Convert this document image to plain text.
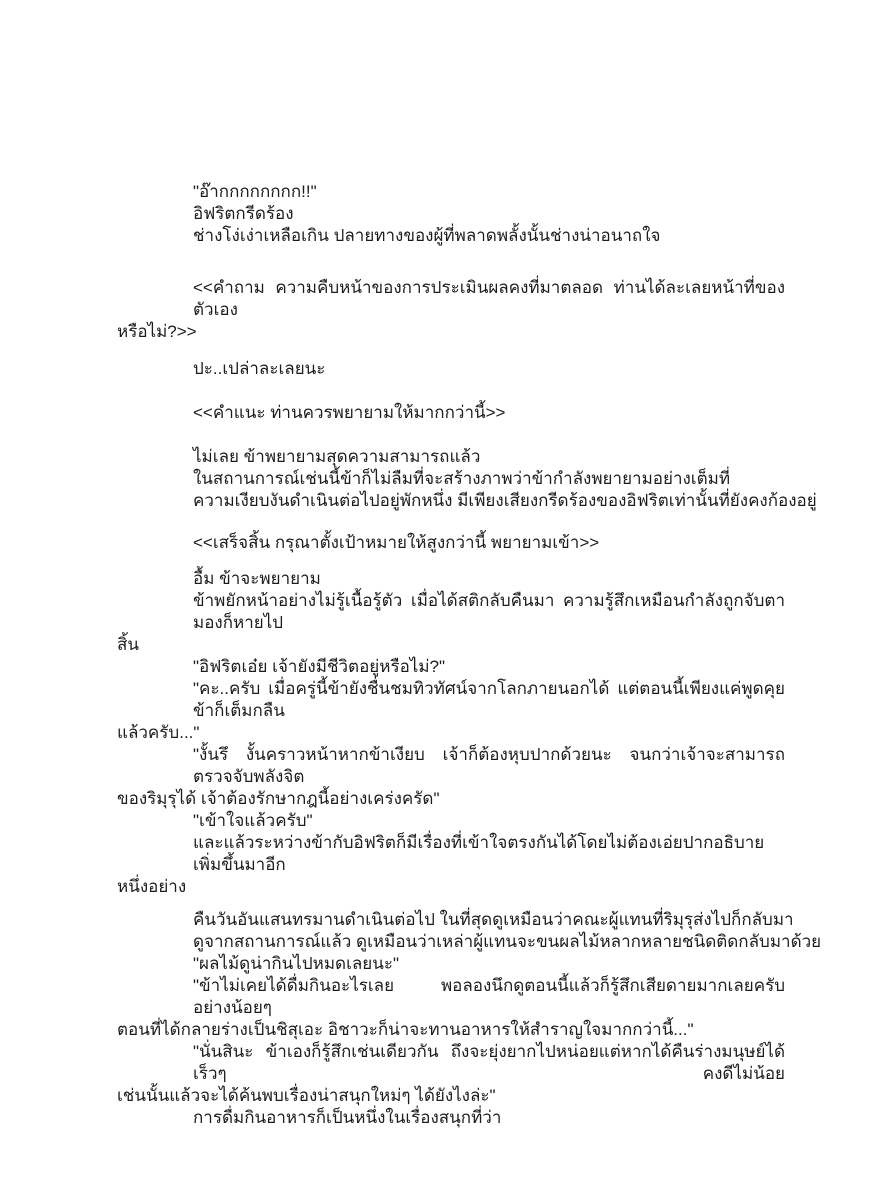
"อ๊ากกกกกกกก!!"
อิฟริตกรีดร้อง
ช่างโง่เง่าเหลือเกิน ปลายทางของผู้ที่พลาดพลั้งนั้นช่างน่าอนาถใจ
<<คำถาม ความคืบหน้าของการประเมินผลคงที่มาตลอด ท่านได้ละเลยหน้าที่ของตัวเอง
หรือไม่?>>
ปะ..เปล่าละเลยนะ
<<คำแนะ ท่านควรพยายามให้มากกว่านี้>>
ไม่เลย ข้าพยายามสุดความสามารถแล้ว
ในสถานการณ์เช่นนี้ข้าก็ไม่ลืมที่จะสร้างภาพว่าข้ากำลังพยายามอย่างเต็มที่
ความเงียบงันดำเนินต่อไปอยู่พักหนึ่ง มีเพียงเสียงกรีดร้องของอิฟริตเท่านั้นที่ยังคงก้องอยู่
<<เสร็จสิ้น กรุณาตั้งเป้าหมายให้สูงกว่านี้ พยายามเข้า>>
อื้ม ข้าจะพยายาม
ข้าพยักหน้าอย่างไม่รู้เนื้อรู้ตัว เมื่อได้สติกลับคืนมา ความรู้สึกเหมือนกำลังถูกจับตามองก็หายไป
สิ้น
"อิฟริตเอ๋ย เจ้ายังมีชีวิตอยู่หรือไม่?"
"คะ..ครับ เมื่อครู่นี้ข้ายังชื่นชมทิวทัศน์จากโลกภายนอกได้ แต่ตอนนี้เพียงแค่พูดคุยข้าก็เต็มกลืน
แล้วครับ..."
"งั้นรึ งั้นคราวหน้าหากข้าเงียบ เจ้าก็ต้องหุบปากด้วยนะ จนกว่าเจ้าจะสามารถตรวจจับพลังจิต
ของริมุรุได้ เจ้าต้องรักษากฎนี้อย่างเคร่งครัด"
"เข้าใจแล้วครับ"
และแล้วระหว่างข้ากับอิฟริตก็มีเรื่องที่เข้าใจตรงกันได้โดยไม่ต้องเอ่ยปากอธิบายเพิ่มขึ้นมาอีก
หนึ่งอย่าง
คืนวันอันแสนทรมานดำเนินต่อไป ในที่สุดดูเหมือนว่าคณะผู้แทนที่ริมุรุส่งไปก็กลับมา
ดูจากสถานการณ์แล้ว ดูเหมือนว่าเหล่าผู้แทนจะขนผลไม้หลากหลายชนิดติดกลับมาด้วย
"ผลไม้ดูน่ากินไปหมดเลยนะ"
"ข้าไม่เคยได้ดื่มกินอะไรเลย พอลองนึกดูตอนนี้แล้วก็รู้สึกเสียดายมากเลยครับ อย่างน้อยๆ
ตอนที่ได้กลายร่างเป็นชิสุเอะ อิชาวะก็น่าจะทานอาหารให้สำราญใจมากกว่านี้..."
"นั่นสินะ ข้าเองก็รู้สึกเช่นเดียวกัน ถึงจะยุ่งยากไปหน่อยแต่หากได้คืนร่างมนุษย์ได้เร็วๆ คงดีไม่น้อย
เช่นนั้นแล้วจะได้ค้นพบเรื่องน่าสนุกใหม่ๆ ได้ยังไงล่ะ"
การดื่มกินอาหารก็เป็นหนึ่งในเรื่องสนุกที่ว่า
